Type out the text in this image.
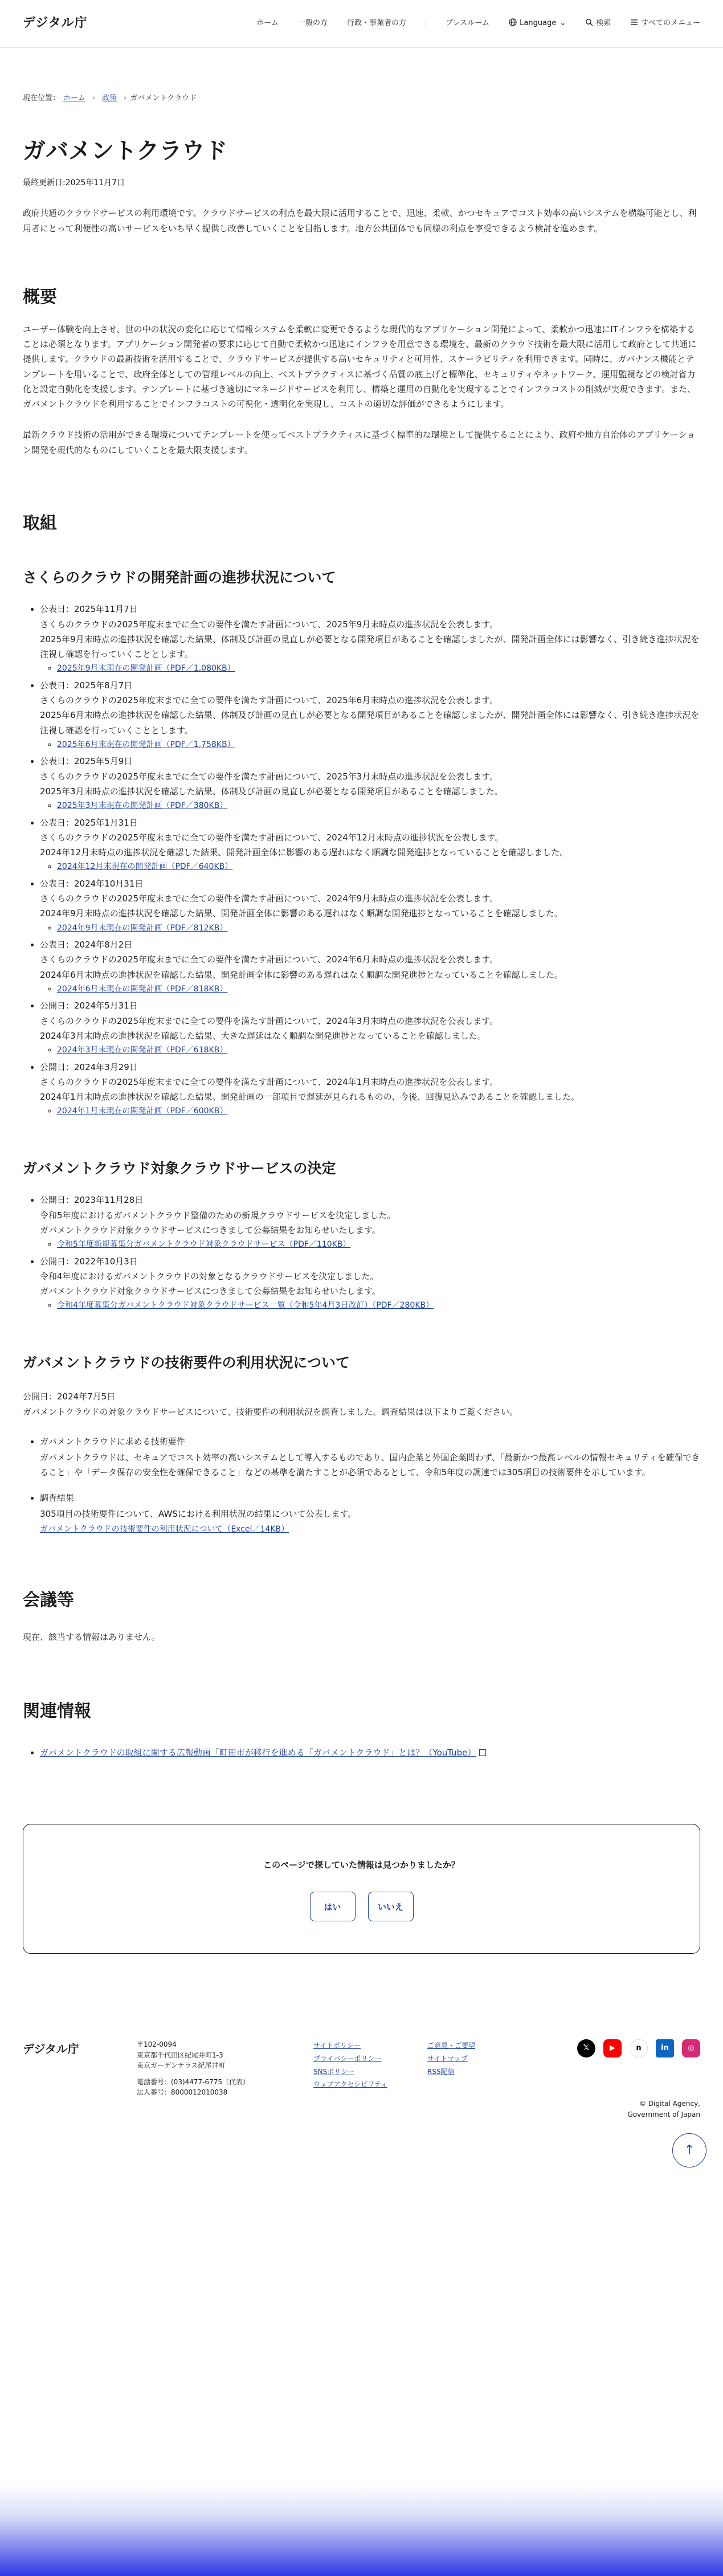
デジタル庁	ホーム	一般の方	行政・事業者の方	プレスルーム	Language ⌄	検索	すべてのメニュー
現在位置： ホーム › 政策 › ガバメントクラウド
ガバメントクラウド

最終更新日:2025年11月7日

政府共通のクラウドサービスの利用環境です。クラウドサービスの利点を最大限に活用することで、迅速、柔軟、かつセキュアでコスト効率の高いシステムを構築可能とし、利用者にとって利便性の高いサービスをいち早く提供し改善していくことを目指します。地方公共団体でも同様の利点を享受できるよう検討を進めます。

概要

ユーザー体験を向上させ、世の中の状況の変化に応じて情報システムを柔軟に変更できるような現代的なアプリケーション開発によって、柔軟かつ迅速にITインフラを構築することは必須となります。アプリケーション開発者の要求に応じて自動で柔軟かつ迅速にインフラを用意できる環境を、最新のクラウド技術を最大限に活用して政府として共通に提供します。クラウドの最新技術を活用することで、クラウドサービスが提供する高いセキュリティと可用性、スケーラビリティを利用できます。同時に、ガバナンス機能とテンプレートを用いることで、政府全体としての管理レベルの向上、ベストプラクティスに基づく品質の底上げと標準化、セキュリティやネットワーク、運用監視などの検討省力化と設定自動化を支援します。テンプレートに基づき適切にマネージドサービスを利用し、構築と運用の自動化を実現することでインフラコストの削減が実現できます。また、ガバメントクラウドを利用することでインフラコストの可視化・透明化を実現し、コストの適切な評価ができるようにします。

最新クラウド技術の活用ができる環境についてテンプレートを使ってベストプラクティスに基づく標準的な環境として提供することにより、政府や地方自治体のアプリケーション開発を現代的なものにしていくことを最大限支援します。

取組
さくらのクラウドの開発計画の進捗状況について
• 公表日：2025年11月7日
さくらのクラウドの2025年度末までに全ての要件を満たす計画について、2025年9月末時点の進捗状況を公表します。
2025年9月末時点の進捗状況を確認した結果、体制及び計画の見直しが必要となる開発項目があることを確認しましたが、開発計画全体には影響なく、引き続き進捗状況を注視し確認を行っていくこととします。
◦ 2025年9月末現在の開発計画（PDF／1,080KB）
• 公表日：2025年8月7日
さくらのクラウドの2025年度末までに全ての要件を満たす計画について、2025年6月末時点の進捗状況を公表します。
2025年6月末時点の進捗状況を確認した結果、体制及び計画の見直しが必要となる開発項目があることを確認しましたが、開発計画全体には影響なく、引き続き進捗状況を注視し確認を行っていくこととします。
◦ 2025年6月末現在の開発計画（PDF／1,758KB）
• 公表日：2025年5月9日
さくらのクラウドの2025年度末までに全ての要件を満たす計画について、2025年3月末時点の進捗状況を公表します。
2025年3月末時点の進捗状況を確認した結果、体制及び計画の見直しが必要となる開発項目があることを確認しました。
◦ 2025年3月末現在の開発計画（PDF／380KB）
• 公表日：2025年1月31日
さくらのクラウドの2025年度末までに全ての要件を満たす計画について、2024年12月末時点の進捗状況を公表します。
2024年12月末時点の進捗状況を確認した結果、開発計画全体に影響のある遅れはなく順調な開発進捗となっていることを確認しました。
◦ 2024年12月末現在の開発計画（PDF／640KB）
• 公表日：2024年10月31日
さくらのクラウドの2025年度末までに全ての要件を満たす計画について、2024年9月末時点の進捗状況を公表します。
2024年9月末時点の進捗状況を確認した結果、開発計画全体に影響のある遅れはなく順調な開発進捗となっていることを確認しました。
◦ 2024年9月末現在の開発計画（PDF／812KB）
• 公表日：2024年8月2日
さくらのクラウドの2025年度末までに全ての要件を満たす計画について、2024年6月末時点の進捗状況を公表します。
2024年6月末時点の進捗状況を確認した結果、開発計画全体に影響のある遅れはなく順調な開発進捗となっていることを確認しました。
◦ 2024年6月末現在の開発計画（PDF／818KB）
• 公開日：2024年5月31日
さくらのクラウドの2025年度末までに全ての要件を満たす計画について、2024年3月末時点の進捗状況を公表します。
2024年3月末時点の進捗状況を確認した結果、大きな遅延はなく順調な開発進捗となっていることを確認しました。
◦ 2024年3月末現在の開発計画（PDF／618KB）
• 公開日：2024年3月29日
さくらのクラウドの2025年度末までに全ての要件を満たす計画について、2024年1月末時点の進捗状況を公表します。
2024年1月末時点の進捗状況を確認した結果、開発計画の一部項目で遅延が見られるものの、今後、回復見込みであることを確認しました。
◦ 2024年1月末現在の開発計画（PDF／600KB）
ガバメントクラウド対象クラウドサービスの決定
• 公開日：2023年11月28日
令和5年度におけるガバメントクラウド整備のための新規クラウドサービスを決定しました。
ガバメントクラウド対象クラウドサービスにつきまして公募結果をお知らせいたします。
◦ 令和5年度新規募集分ガバメントクラウド対象クラウドサービス（PDF／110KB）
• 公開日：2022年10月3日
令和4年度におけるガバメントクラウドの対象となるクラウドサービスを決定しました。
ガバメントクラウド対象クラウドサービスにつきまして公募結果をお知らせいたします。
◦ 令和4年度募集分ガバメントクラウド対象クラウドサービス一覧（令和5年4月3日改訂）（PDF／280KB）
ガバメントクラウドの技術要件の利用状況について

公開日：2024年7月5日

ガバメントクラウドの対象クラウドサービスについて、技術要件の利用状況を調査しました。調査結果は以下よりご覧ください。

• ガバメントクラウドに求める技術要件
ガバメントクラウドは、セキュアでコスト効率の高いシステムとして導入するものであり、国内企業と外国企業問わず、「最新かつ最高レベルの情報セキュリティを確保できること」や「データ保存の安全性を確保できること」などの基準を満たすことが必須であるとして、令和5年度の調達では305項目の技術要件を示しています。
• 調査結果
305項目の技術要件について、AWSにおける利用状況の結果について公表します。
ガバメントクラウドの技術要件の利用状況について（Excel／14KB）
会議等

現在、該当する情報はありません。

関連情報
• ガバメントクラウドの取組に関する広報動画「町田市が移行を進める「ガバメントクラウド」とは？（YouTube）

このページで探していた情報は見つかりましたか？

はい	いいえ
↑
デジタル庁	〒102-0094
東京都千代田区紀尾井町1-3
東京ガーデンテラス紀尾井町
電話番号：(03)4477-6775（代表）
法人番号：8000012010038
サイトポリシー
プライバシーポリシー
SNSポリシー
ウェブアクセシビリティ
ご意見・ご要望
サイトマップ
RSS配信
𝕏	▶	n	in	◎
© Digital Agency,
Government of Japan
